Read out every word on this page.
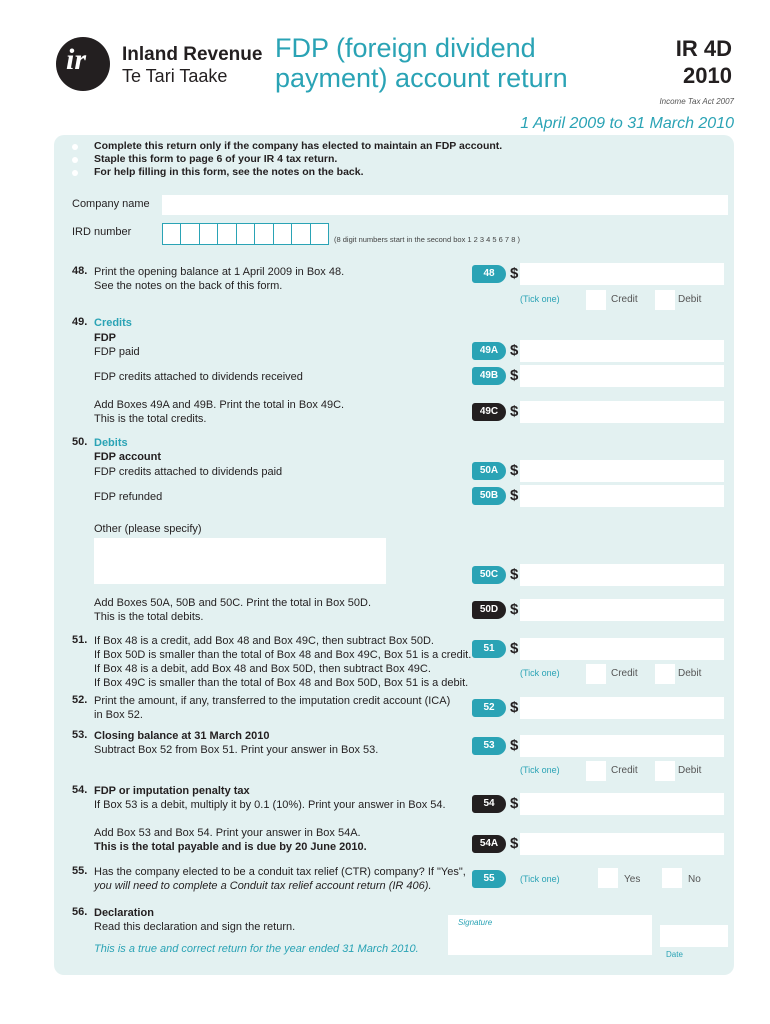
ir Inland Revenue
Te Tari Taake
FDP (foreign dividend payment) account return
IR 4D
2010
Income Tax Act 2007
1 April 2009 to 31 March 2010
Complete this return only if the company has elected to maintain an FDP account.
Staple this form to page 6 of your IR 4 tax return.
For help filling in this form, see the notes on the back.
Company name
IRD number
(8 digit numbers start in the second box 1 2 3 4 5 6 7 8 )
48. Print the opening balance at 1 April 2009 in Box 48.
See the notes on the back of this form.
48	$
(Tick one)	Credit	Debit
49. Credits
FDP
FDP paid	49A $
FDP credits attached to dividends received	49B $
Add Boxes 49A and 49B. Print the total in Box 49C.
This is the total credits.
49C $
50. Debits
FDP account
FDP credits attached to dividends paid	50A $
FDP refunded	50B $
Other (please specify)
50C $
Add Boxes 50A, 50B and 50C. Print the total in Box 50D.
This is the total debits.
50D $
51. If Box 48 is a credit, add Box 48 and Box 49C, then subtract Box 50D.
If Box 50D is smaller than the total of Box 48 and Box 49C, Box 51 is a credit.
If Box 48 is a debit, add Box 48 and Box 50D, then subtract Box 49C.
If Box 49C is smaller than the total of Box 48 and Box 50D, Box 51 is a debit.
51	$
(Tick one)	Credit	Debit
52. Print the amount, if any, transferred to the imputation credit account (ICA)
in Box 52.
52	$
53. Closing balance at 31 March 2010
Subtract Box 52 from Box 51. Print your answer in Box 53.	53	$
(Tick one)	Credit	Debit
54. FDP or imputation penalty tax
If Box 53 is a debit, multiply it by 0.1 (10%). Print your answer in Box 54.	54	$
Add Box 53 and Box 54. Print your answer in Box 54A.
This is the total payable and is due by 20 June 2010.	54A $
55. Has the company elected to be a conduit tax relief (CTR) company? If "Yes",
you will need to complete a Conduit tax relief account return (IR 406).
55	(Tick one)	Yes	No
56. Declaration
Read this declaration and sign the return.
This is a true and correct return for the year ended 31 March 2010.
Signature
Date
